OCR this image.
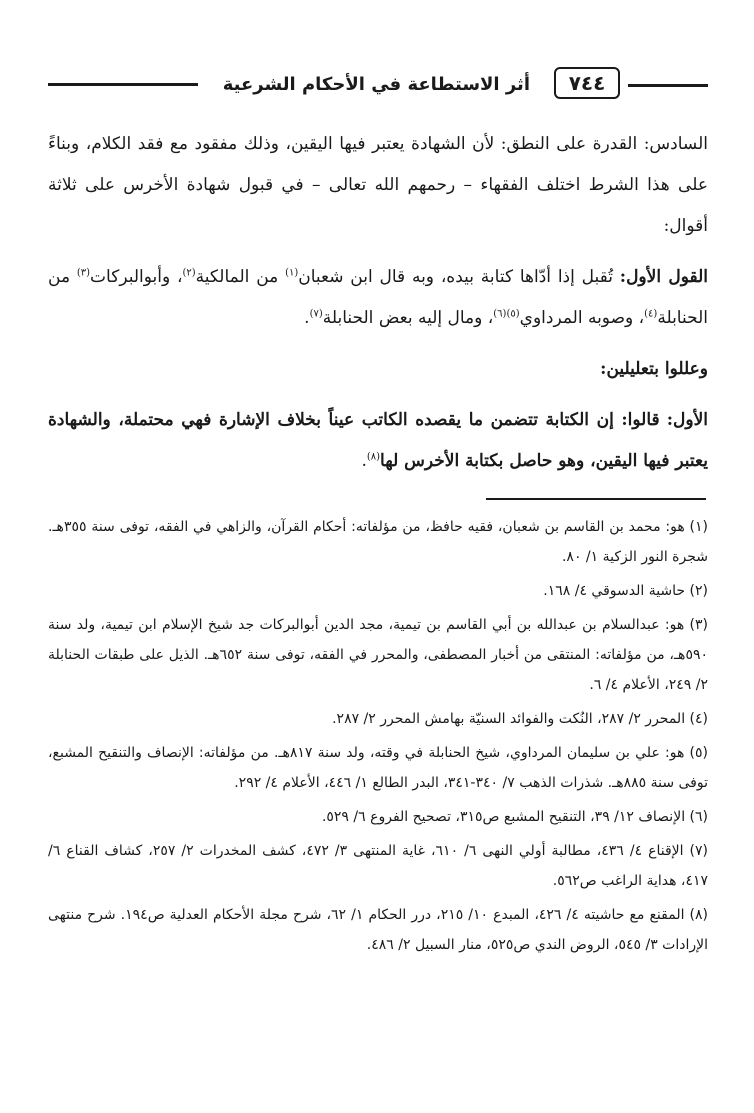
٧٤٤
أثر الاستطاعة في الأحكام الشرعية

السادس: القدرة على النطق: لأن الشهادة يعتبر فيها اليقين، وذلك مفقود مع فقد الكلام، وبناءً على هذا الشرط اختلف الفقهاء – رحمهم الله تعالى – في قبول شهادة الأخرس على ثلاثة أقوال:

القول الأول: تُقبل إذا أدّاها كتابة بيده، وبه قال ابن شعبان$^{(١)}$ من المالكية$^{(٢)}$، وأبوالبركات$^{(٣)}$ من الحنابلة$^{(٤)}$، وصوبه المرداوي$^{(٥)(٦)}$، ومال إليه بعض الحنابلة$^{(٧)}$.

وعللوا بتعليلين:

الأول: قالوا: إن الكتابة تتضمن ما يقصده الكاتب عيناً بخلاف الإشارة فهي محتملة، والشهادة يعتبر فيها اليقين، وهو حاصل بكتابة الأخرس لها$^{(٨)}$.

(١) هو: محمد بن القاسم بن شعبان، فقيه حافظ، من مؤلفاته: أحكام القرآن، والزاهي في الفقه، توفى سنة ٣٥٥هـ. شجرة النور الزكية ١/ ٨٠.

(٢) حاشية الدسوقي ٤/ ١٦٨.

(٣) هو: عبدالسلام بن عبدالله بن أبي القاسم بن تيمية، مجد الدين أبوالبركات جد شيخ الإسلام ابن تيمية، ولد سنة ٥٩٠هـ، من مؤلفاته: المنتقى من أخبار المصطفى، والمحرر في الفقه، توفى سنة ٦٥٢هـ. الذيل على طبقات الحنابلة ٢/ ٢٤٩، الأعلام ٤/ ٦.

(٤) المحرر ٢/ ٢٨٧، النُكت والفوائد السنيّة بهامش المحرر ٢/ ٢٨٧.

(٥) هو: علي بن سليمان المرداوي، شيخ الحنابلة في وقته، ولد سنة ٨١٧هـ. من مؤلفاته: الإنصاف والتنقيح المشبع، توفى سنة ٨٨٥هـ. شذرات الذهب ٧/ ٣٤٠-٣٤١، البدر الطالع ١/ ٤٤٦، الأعلام ٤/ ٢٩٢.

(٦) الإنصاف ١٢/ ٣٩، التنقيح المشبع ص٣١٥، تصحيح الفروع ٦/ ٥٢٩.

(٧) الإقناع ٤/ ٤٣٦، مطالبة أولي النهى ٦/ ٦١٠، غاية المنتهى ٣/ ٤٧٢، كشف المخدرات ٢/ ٢٥٧، كشاف القناع ٦/ ٤١٧، هداية الراغب ص٥٦٢.

(٨) المقنع مع حاشيته ٤/ ٤٢٦، المبدع ١٠/ ٢١٥، درر الحكام ١/ ٦٢، شرح مجلة الأحكام العدلية ص١٩٤. شرح منتهى الإرادات ٣/ ٥٤٥، الروض الندي ص٥٢٥، منار السبيل ٢/ ٤٨٦.
